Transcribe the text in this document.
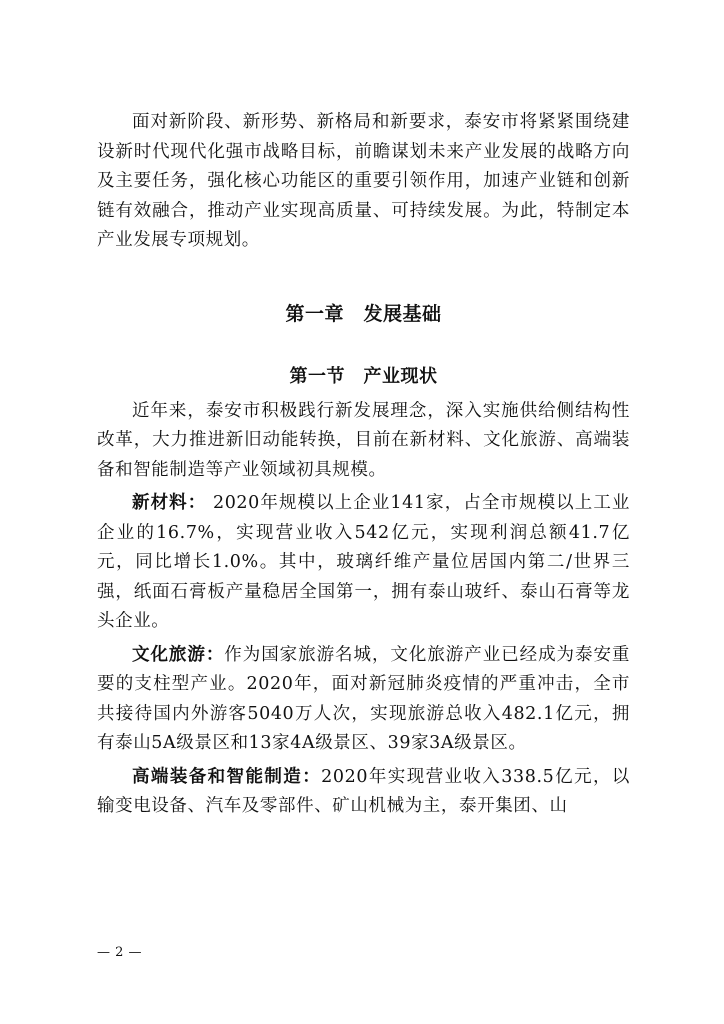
面对新阶段、新形势、新格局和新要求，泰安市将紧紧围绕建设新时代现代化强市战略目标，前瞻谋划未来产业发展的战略方向及主要任务，强化核心功能区的重要引领作用，加速产业链和创新链有效融合，推动产业实现高质量、可持续发展。为此，特制定本产业发展专项规划。

第一章　发展基础
第一节　产业现状

近年来，泰安市积极践行新发展理念，深入实施供给侧结构性改革，大力推进新旧动能转换，目前在新材料、文化旅游、高端装备和智能制造等产业领域初具规模。

新材料： 2020年规模以上企业141家，占全市规模以上工业企业的16.7%，实现营业收入542亿元，实现利润总额41.7亿元，同比增长1.0%。其中，玻璃纤维产量位居国内第二/世界三强，纸面石膏板产量稳居全国第一，拥有泰山玻纤、泰山石膏等龙头企业。

文化旅游：作为国家旅游名城，文化旅游产业已经成为泰安重要的支柱型产业。2020年，面对新冠肺炎疫情的严重冲击，全市共接待国内外游客5040万人次，实现旅游总收入482.1亿元，拥有泰山5A级景区和13家4A级景区、39家3A级景区。

高端装备和智能制造：2020年实现营业收入338.5亿元，以输变电设备、汽车及零部件、矿山机械为主，泰开集团、山

— 2 —
